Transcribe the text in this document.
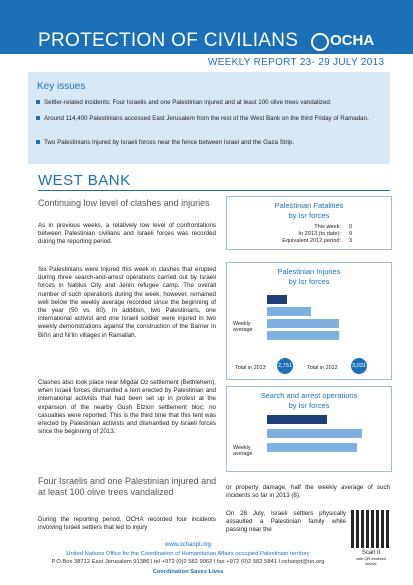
PROTECTION OF CIVILIANS OCHA
WEEKLY REPORT 23- 29 JULY 2013
Key issues
Settler-related incidents: Four Israelis and one Palestinian injured and at least 100 olive trees vandalized.
Around 114,400 Palestinians accessed East Jerusalem from the rest of the West Bank on the third Friday of Ramadan.
Two Palestinians injured by Israeli forces near the fence between Israel and the Gaza Strip.
WEST BANK
Continuing low level of clashes and injuries
As in previous weeks, a relatively low level of confrontations between Palestinian civilians and Israeli forces was recorded during the reporting period.
Six Palestinians were injured this week in clashes that erupted during three search-and-arrest operations carried out by Israeli forces in Nablus City and Jenin refugee camp. The overall number of such operations during the week, however, remained well below the weekly average recorded since the beginning of the year (50 vs. 80). In addition, two Palestinians, one international activist and one Israeli soldier were injured in two weekly demonstrations against the construction of the Barrier in Bil'in and Ni'lin villages in Ramallah.
Clashes also took place near Migdal Oz settlement (Bethlehem), when Israeli forces dismantled a tent erected by Palestinian and international activists that had been set up in protest at the expansion of the nearby Gush Etzion settlement bloc; no casualties were reported. This is the third time that this tent was erected by Palestinian activists and dismantled by Israeli forces since the beginning of 2013.
Four Israelis and one Palestinian injured and at least 100 olive trees vandalized
During the reporting period, OCHA recorded four incidents involving Israeli settlers that led to injury
or property damage, half the weekly average of such incidents so far in 2013 (8).
On 28 July, Israeli settlers physically assaulted a Palestinian family while passing near the
Palestinian Fatalities
by Isr forces
This week: 0
In 2013 (to date): 9
Equivalent 2012 period: 3
Palestinian Injuries
by Isr forces
Weekly average
Total in 2013 2,751	Total in 2012	3,031
Search and arrest operations
by Isr forces
Weekly average
www.ochaopt.org
United Nations Office for the Coordination of Humanitarian Affairs occupied Palestinian territory
P.O.Box 38712 East Jerusalem 91386 l tel +972 (0)2 582 9962 l fax +972 (0)2 582 5841 l ochaopt@un.org
Coordination Saves Lives
Scan it
with QR-enabled device
